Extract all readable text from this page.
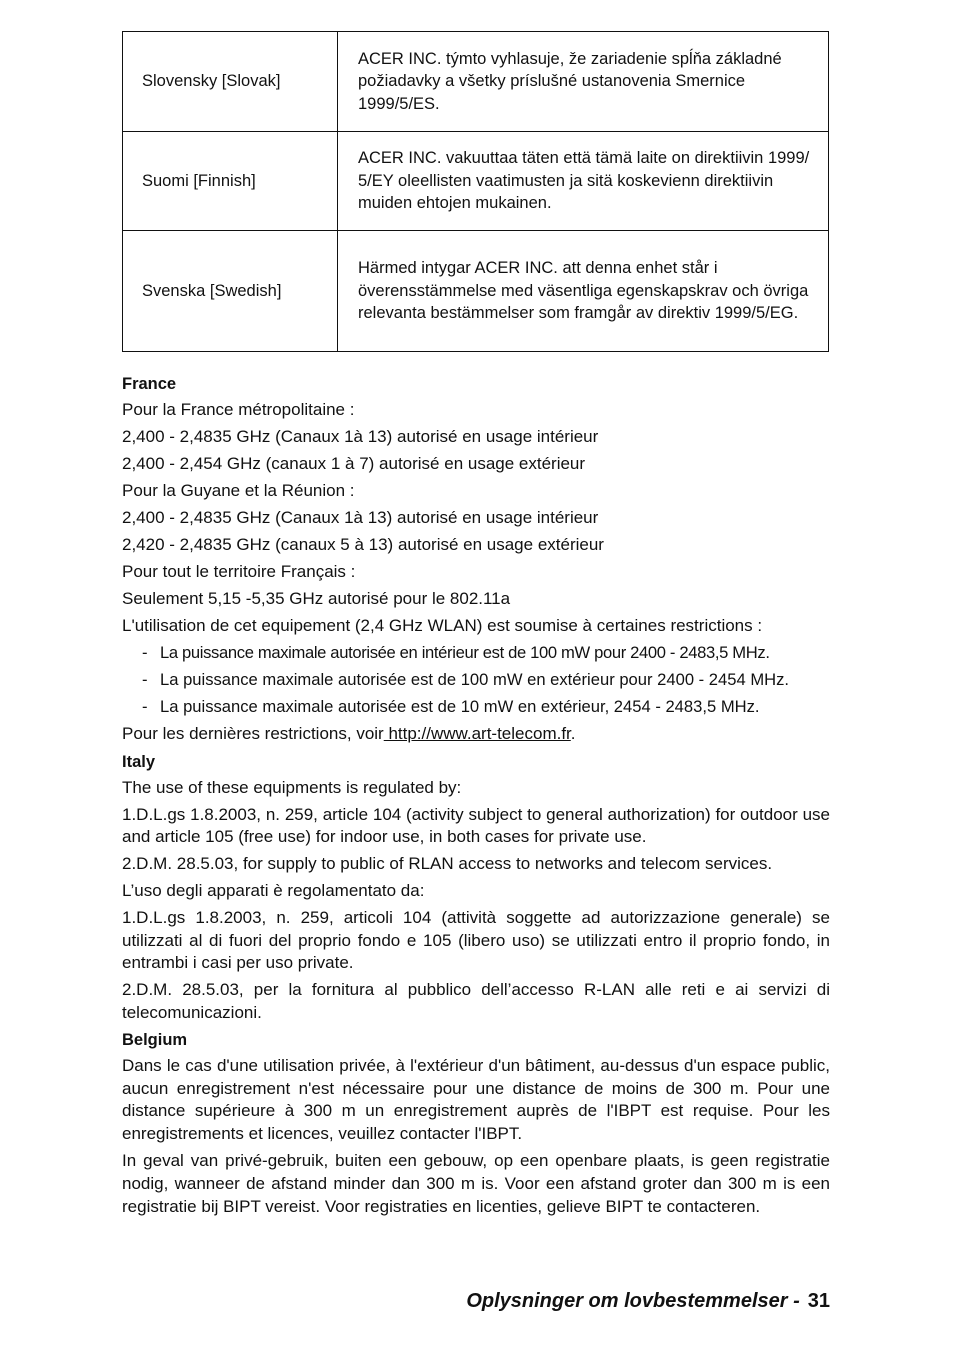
Slovensky [Slovak]	ACER INC. týmto vyhlasuje, že zariadenie spĺňa základné požiadavky a všetky príslušné ustanovenia Smernice 1999/5/ES.
Suomi [Finnish]	ACER INC. vakuuttaa täten että tämä laite on direktiivin 1999/ 5/EY oleellisten vaatimusten ja sitä koskevienn direktiivin muiden ehtojen mukainen.
Svenska [Swedish]	Härmed intygar ACER INC. att denna enhet står i överensstämmelse med väsentliga egenskapskrav och övriga relevanta bestämmelser som framgår av direktiv 1999/5/EG.
France
Pour la France métropolitaine :
2,400 - 2,4835 GHz (Canaux 1à 13) autorisé en usage intérieur
2,400 - 2,454 GHz (canaux 1 à 7) autorisé en usage extérieur
Pour la Guyane et la Réunion :
2,400 - 2,4835 GHz (Canaux 1à 13) autorisé en usage intérieur
2,420 - 2,4835 GHz (canaux 5 à 13) autorisé en usage extérieur
Pour tout le territoire Français :
Seulement 5,15 -5,35 GHz autorisé pour le 802.11a
L'utilisation de cet equipement (2,4 GHz WLAN) est soumise à certaines restrictions :
- La puissance maximale autorisée en intérieur est de 100 mW pour 2400 - 2483,5 MHz.
- La puissance maximale autorisée est de 100 mW en extérieur pour 2400 - 2454 MHz.
- La puissance maximale autorisée est de 10 mW en extérieur, 2454 - 2483,5 MHz.
Pour les dernières restrictions, voir http://www.art-telecom.fr.
Italy
The use of these equipments is regulated by:
1.D.L.gs 1.8.2003, n. 259, article 104 (activity subject to general authorization) for outdoor use and article 105 (free use) for indoor use, in both cases for private use.
2.D.M. 28.5.03, for supply to public of RLAN access to networks and telecom services.
L’uso degli apparati è regolamentato da:
1.D.L.gs 1.8.2003, n. 259, articoli 104 (attività soggette ad autorizzazione generale) se utilizzati al di fuori del proprio fondo e 105 (libero uso) se utilizzati entro il proprio fondo, in entrambi i casi per uso private.
2.D.M. 28.5.03, per la fornitura al pubblico dell’accesso R-LAN alle reti e ai servizi di telecomunicazioni.
Belgium
Dans le cas d'une utilisation privée, à l'extérieur d'un bâtiment, au-dessus d'un espace public, aucun enregistrement n'est nécessaire pour une distance de moins de 300 m. Pour une distance supérieure à 300 m un enregistrement auprès de l'IBPT est requise. Pour les enregistrements et licences, veuillez contacter l'IBPT.
In geval van privé-gebruik, buiten een gebouw, op een openbare plaats, is geen registratie nodig, wanneer de afstand minder dan 300 m is. Voor een afstand groter dan 300 m is een registratie bij BIPT vereist. Voor registraties en licenties, gelieve BIPT te contacteren.
Oplysninger om lovbestemmelser - 31
